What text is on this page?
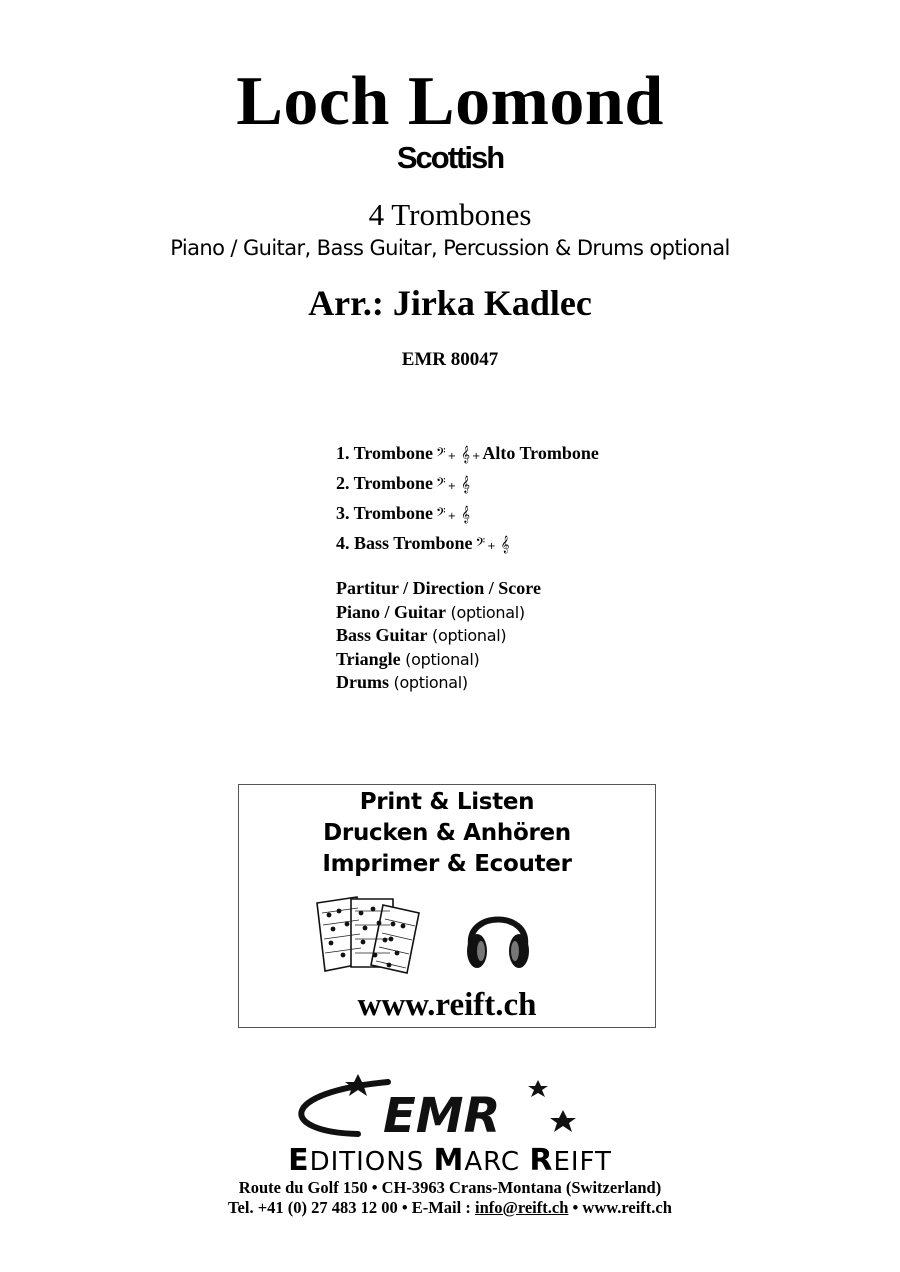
Loch Lomond
Scottish
4 Trombones
Piano / Guitar, Bass Guitar, Percussion & Drums optional
Arr.: Jirka Kadlec
EMR 80047
1. Trombone 𝄢 + 𝄞 + Alto Trombone
2. Trombone 𝄢 + 𝄞
3. Trombone 𝄢 + 𝄞
4. Bass Trombone 𝄢 + 𝄞
Partitur / Direction / Score
Piano / Guitar (optional)
Bass Guitar (optional)
Triangle (optional)
Drums (optional)
Print & Listen
Drucken & Anhören
Imprimer & Ecouter
www.reift.ch
EMR
EDITIONS MARC REIFT
Route du Golf 150 • CH-3963 Crans-Montana (Switzerland)
Tel. +41 (0) 27 483 12 00 • E-Mail : info@reift.ch • www.reift.ch
